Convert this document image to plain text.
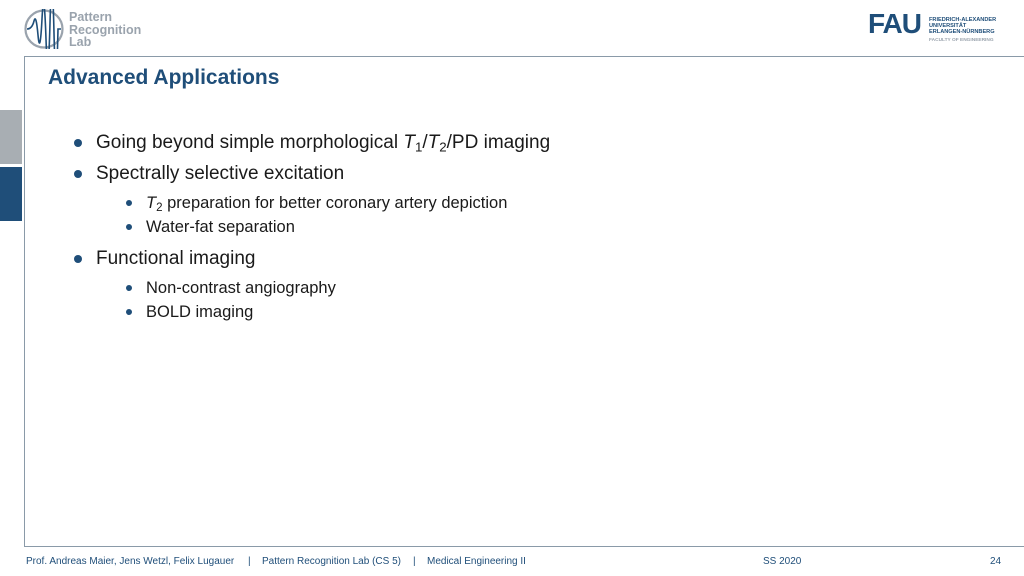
Pattern
Recognition
Lab
FAU FRIEDRICH-ALEXANDER
UNIVERSITÄT
ERLANGEN-NÜRNBERG
FACULTY OF ENGINEERING
Advanced Applications
Going beyond simple morphological $T_1/T_2/PD$ imaging
Spectrally selective excitation
$T_2$ preparation for better coronary artery depiction
Water-fat separation
Functional imaging
Non-contrast angiography
BOLD imaging
Prof. Andreas Maier, Jens Wetzl, Felix Lugauer | Pattern Recognition Lab (CS 5) | Medical Engineering II	SS 2020	24
